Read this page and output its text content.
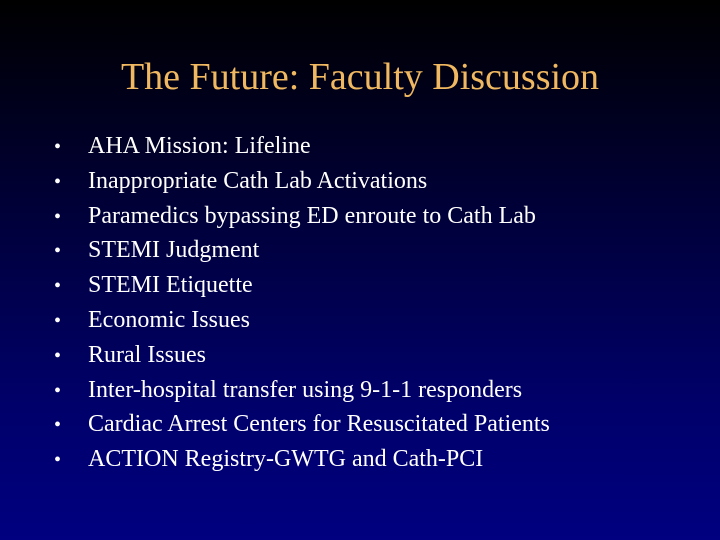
The Future: Faculty Discussion
•	AHA Mission: Lifeline
•	Inappropriate Cath Lab Activations
•	Paramedics bypassing ED enroute to Cath Lab
•	STEMI Judgment
•	STEMI Etiquette
•	Economic Issues
•	Rural Issues
•	Inter-hospital transfer using 9-1-1 responders
•	Cardiac Arrest Centers for Resuscitated Patients
•	ACTION Registry-GWTG and Cath-PCI
